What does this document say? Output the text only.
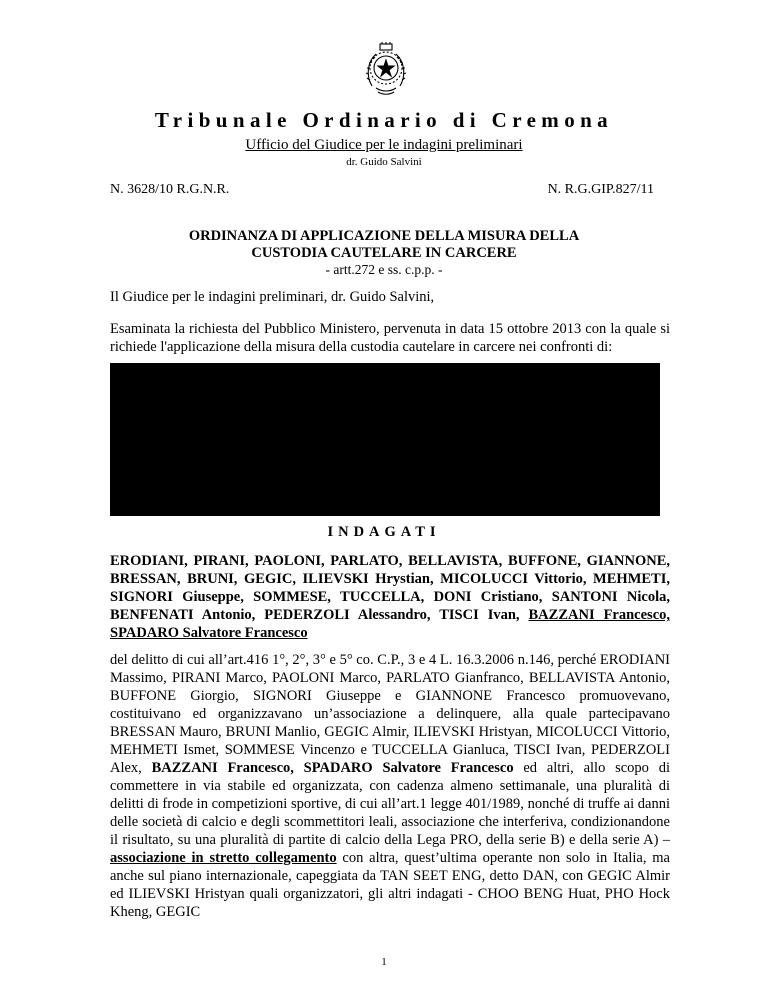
Tribunale Ordinario di Cremona
Ufficio del Giudice per le indagini preliminari
dr. Guido Salvini
N. 3628/10 R.G.N.R.	N. R.G.GIP.827/11
ORDINANZA DI APPLICAZIONE DELLA MISURA DELLA
CUSTODIA CAUTELARE IN CARCERE
- artt.272 e ss. c.p.p. -
Il Giudice per le indagini preliminari, dr. Guido Salvini,
Esaminata la richiesta del Pubblico Ministero, pervenuta in data 15 ottobre 2013 con la quale si richiede l'applicazione della misura della custodia cautelare in carcere nei confronti di:
INDAGATI
ERODIANI, PIRANI, PAOLONI, PARLATO, BELLAVISTA, BUFFONE, GIANNONE, BRESSAN, BRUNI, GEGIC, ILIEVSKI Hrystian, MICOLUCCI Vittorio, MEHMETI, SIGNORI Giuseppe, SOMMESE, TUCCELLA, DONI Cristiano, SANTONI Nicola, BENFENATI Antonio, PEDERZOLI Alessandro, TISCI Ivan, BAZZANI Francesco, SPADARO Salvatore Francesco
del delitto di cui all’art.416 1°, 2°, 3° e 5° co. C.P., 3 e 4 L. 16.3.2006 n.146, perché ERODIANI Massimo, PIRANI Marco, PAOLONI Marco, PARLATO Gianfranco, BELLAVISTA Antonio, BUFFONE Giorgio, SIGNORI Giuseppe e GIANNONE Francesco promuovevano, costituivano ed organizzavano un’associazione a delinquere, alla quale partecipavano BRESSAN Mauro, BRUNI Manlio, GEGIC Almir, ILIEVSKI Hristyan, MICOLUCCI Vittorio, MEHMETI Ismet, SOMMESE Vincenzo e TUCCELLA Gianluca, TISCI Ivan, PEDERZOLI Alex, BAZZANI Francesco, SPADARO Salvatore Francesco ed altri, allo scopo di commettere in via stabile ed organizzata, con cadenza almeno settimanale, una pluralità di delitti di frode in competizioni sportive, di cui all’art.1 legge 401/1989, nonché di truffe ai danni delle società di calcio e degli scommettitori leali, associazione che interferiva, condizionandone il risultato, su una pluralità di partite di calcio della Lega PRO, della serie B) e della serie A) – associazione in stretto collegamento con altra, quest’ultima operante non solo in Italia, ma anche sul piano internazionale, capeggiata da TAN SEET ENG, detto DAN, con GEGIC Almir ed ILIEVSKI Hristyan quali organizzatori, gli altri indagati - CHOO BENG Huat, PHO Hock Kheng, GEGIC
1
